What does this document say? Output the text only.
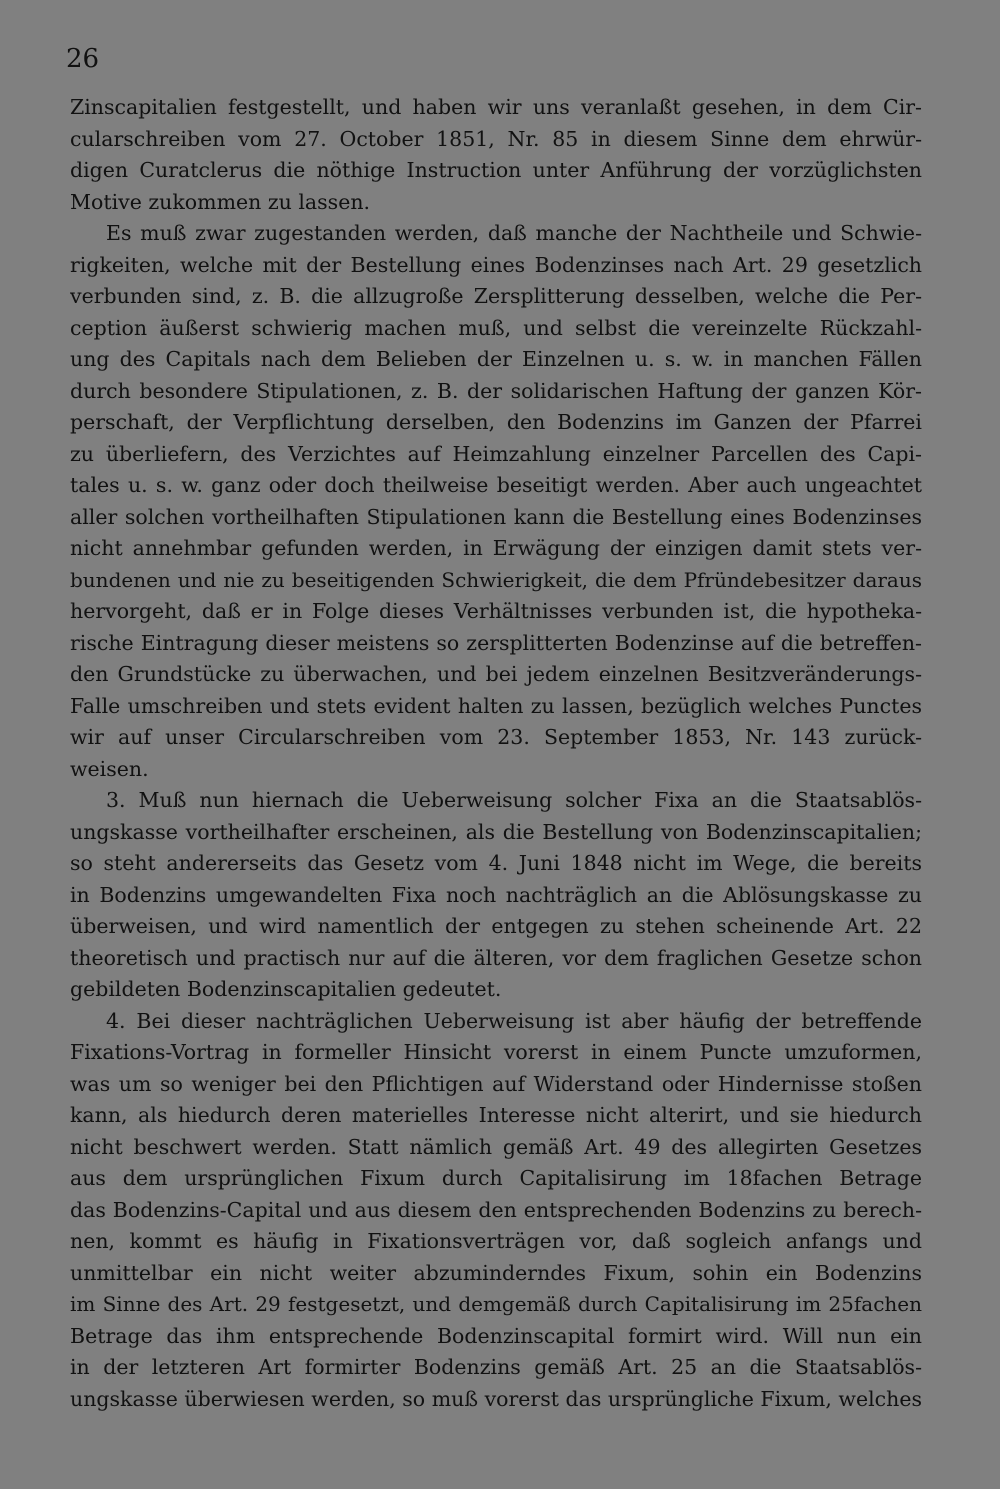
26
Zinscapitalien festgestellt, und haben wir uns veranlaßt gesehen, in dem Cir-
cularschreiben vom 27. October 1851, Nr. 85 in diesem Sinne dem ehrwür-
digen Curatclerus die nöthige Instruction unter Anführung der vorzüglichsten
Motive zukommen zu lassen.
Es muß zwar zugestanden werden, daß manche der Nachtheile und Schwie-
rigkeiten, welche mit der Bestellung eines Bodenzinses nach Art. 29 gesetzlich
verbunden sind, z. B. die allzugroße Zersplitterung desselben, welche die Per-
ception äußerst schwierig machen muß, und selbst die vereinzelte Rückzahl-
ung des Capitals nach dem Belieben der Einzelnen u. s. w. in manchen Fällen
durch besondere Stipulationen, z. B. der solidarischen Haftung der ganzen Kör-
perschaft, der Verpflichtung derselben, den Bodenzins im Ganzen der Pfarrei
zu überliefern, des Verzichtes auf Heimzahlung einzelner Parcellen des Capi-
tales u. s. w. ganz oder doch theilweise beseitigt werden. Aber auch ungeachtet
aller solchen vortheilhaften Stipulationen kann die Bestellung eines Bodenzinses
nicht annehmbar gefunden werden, in Erwägung der einzigen damit stets ver-
bundenen und nie zu beseitigenden Schwierigkeit, die dem Pfründebesitzer daraus
hervorgeht, daß er in Folge dieses Verhältnisses verbunden ist, die hypotheka-
rische Eintragung dieser meistens so zersplitterten Bodenzinse auf die betreffen-
den Grundstücke zu überwachen, und bei jedem einzelnen Besitzveränderungs-
Falle umschreiben und stets evident halten zu lassen, bezüglich welches Punctes
wir auf unser Circularschreiben vom 23. September 1853, Nr. 143 zurück-
weisen.
3. Muß nun hiernach die Ueberweisung solcher Fixa an die Staatsablös-
ungskasse vortheilhafter erscheinen, als die Bestellung von Bodenzinscapitalien;
so steht andererseits das Gesetz vom 4. Juni 1848 nicht im Wege, die bereits
in Bodenzins umgewandelten Fixa noch nachträglich an die Ablösungskasse zu
überweisen, und wird namentlich der entgegen zu stehen scheinende Art. 22
theoretisch und practisch nur auf die älteren, vor dem fraglichen Gesetze schon
gebildeten Bodenzinscapitalien gedeutet.
4. Bei dieser nachträglichen Ueberweisung ist aber häufig der betreffende
Fixations-Vortrag in formeller Hinsicht vorerst in einem Puncte umzuformen,
was um so weniger bei den Pflichtigen auf Widerstand oder Hindernisse stoßen
kann, als hiedurch deren materielles Interesse nicht alterirt, und sie hiedurch
nicht beschwert werden. Statt nämlich gemäß Art. 49 des allegirten Gesetzes
aus dem ursprünglichen Fixum durch Capitalisirung im 18fachen Betrage
das Bodenzins-Capital und aus diesem den entsprechenden Bodenzins zu berech-
nen, kommt es häufig in Fixationsverträgen vor, daß sogleich anfangs und
unmittelbar ein nicht weiter abzuminderndes Fixum, sohin ein Bodenzins
im Sinne des Art. 29 festgesetzt, und demgemäß durch Capitalisirung im 25fachen
Betrage das ihm entsprechende Bodenzinscapital formirt wird. Will nun ein
in der letzteren Art formirter Bodenzins gemäß Art. 25 an die Staatsablös-
ungskasse überwiesen werden, so muß vorerst das ursprüngliche Fixum, welches
